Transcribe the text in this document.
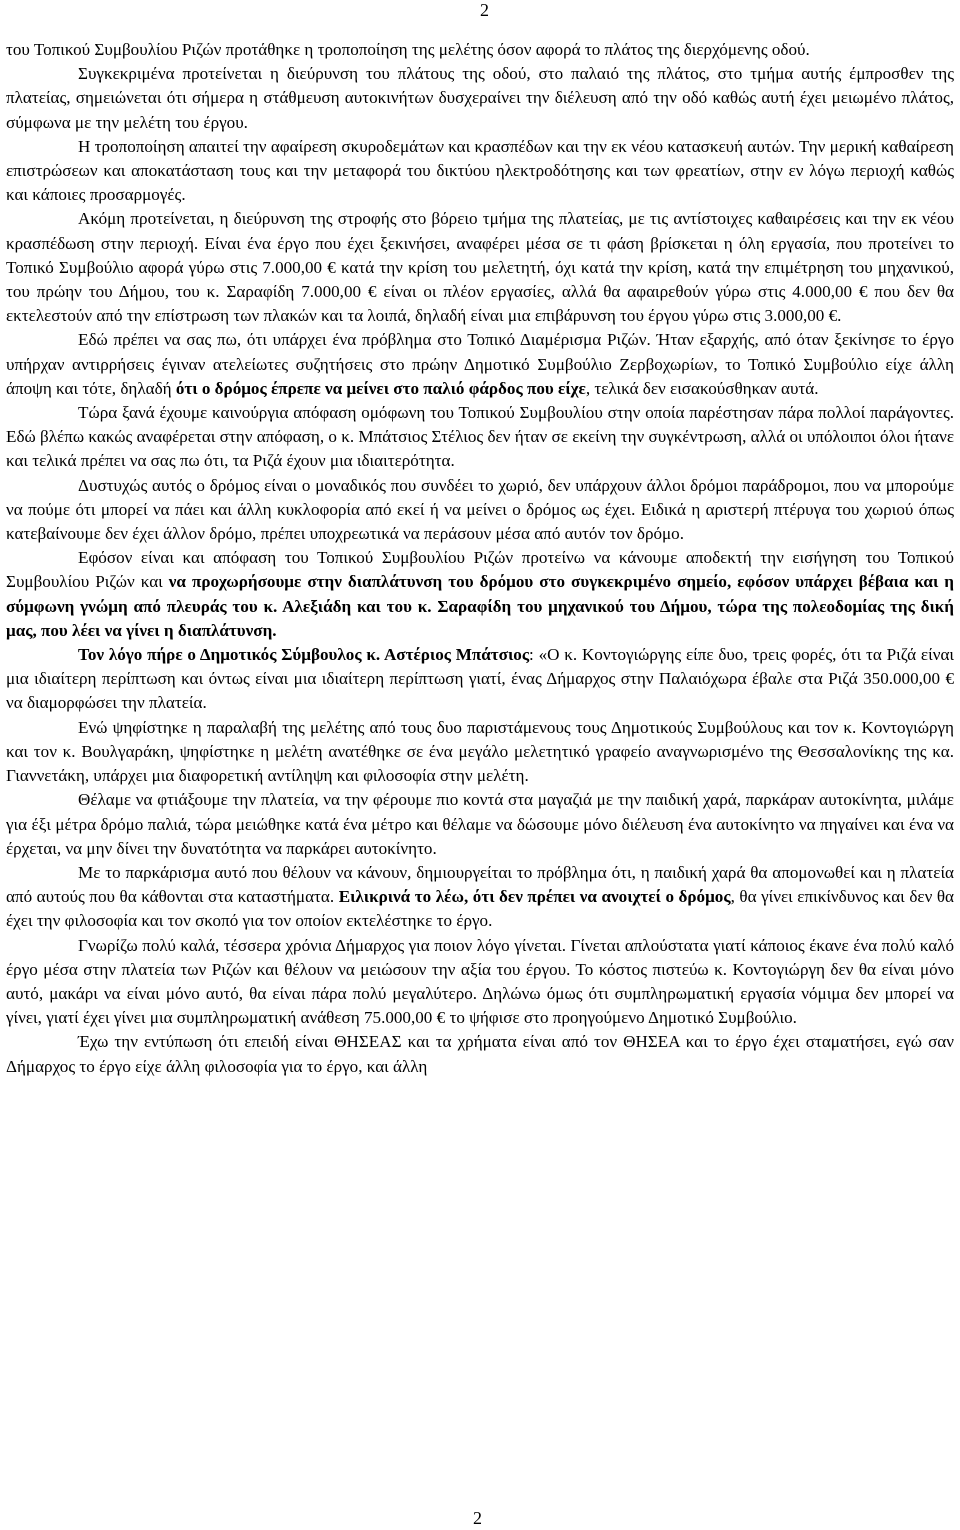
2

του Τοπικού Συμβουλίου Ριζών προτάθηκε η τροποποίηση της μελέτης όσον αφορά το πλάτος της διερχόμενης οδού.

Συγκεκριμένα προτείνεται η διεύρυνση του πλάτους της οδού, στο παλαιό της πλάτος, στο τμήμα αυτής έμπροσθεν της πλατείας, σημειώνεται ότι σήμερα η στάθμευση αυτοκινήτων δυσχεραίνει την διέλευση από την οδό καθώς αυτή έχει μειωμένο πλάτος, σύμφωνα με την μελέτη του έργου.

Η τροποποίηση απαιτεί την αφαίρεση σκυροδεμάτων και κρασπέδων και την εκ νέου κατασκευή αυτών. Την μερική καθαίρεση επιστρώσεων και αποκατάσταση τους και την μεταφορά του δικτύου ηλεκτροδότησης και των φρεατίων, στην εν λόγω περιοχή καθώς και κάποιες προσαρμογές.

Ακόμη προτείνεται, η διεύρυνση της στροφής στο βόρειο τμήμα της πλατείας, με τις αντίστοιχες καθαιρέσεις και την εκ νέου κρασπέδωση στην περιοχή. Είναι ένα έργο που έχει ξεκινήσει, αναφέρει μέσα σε τι φάση βρίσκεται η όλη εργασία, που προτείνει το Τοπικό Συμβούλιο αφορά γύρω στις 7.000,00 € κατά την κρίση του μελετητή, όχι κατά την κρίση, κατά την επιμέτρηση του μηχανικού, του πρώην του Δήμου, του κ. Σαραφίδη 7.000,00 € είναι οι πλέον εργασίες, αλλά θα αφαιρεθούν γύρω στις 4.000,00 € που δεν θα εκτελεστούν από την επίστρωση των πλακών και τα λοιπά, δηλαδή είναι μια επιβάρυνση του έργου γύρω στις 3.000,00 €.

Εδώ πρέπει να σας πω, ότι υπάρχει ένα πρόβλημα στο Τοπικό Διαμέρισμα Ριζών. Ήταν εξαρχής, από όταν ξεκίνησε το έργο υπήρχαν αντιρρήσεις έγιναν ατελείωτες συζητήσεις στο πρώην Δημοτικό Συμβούλιο Ζερβοχωρίων, το Τοπικό Συμβούλιο είχε άλλη άποψη και τότε, δηλαδή ότι ο δρόμος έπρεπε να μείνει στο παλιό φάρδος που είχε, τελικά δεν εισακούσθηκαν αυτά.

Τώρα ξανά έχουμε καινούργια απόφαση ομόφωνη του Τοπικού Συμβουλίου στην οποία παρέστησαν πάρα πολλοί παράγοντες. Εδώ βλέπω κακώς αναφέρεται στην απόφαση, ο κ. Μπάτσιος Στέλιος δεν ήταν σε εκείνη την συγκέντρωση, αλλά οι υπόλοιποι όλοι ήτανε και τελικά πρέπει να σας πω ότι, τα Ριζά έχουν μια ιδιαιτερότητα.

Δυστυχώς αυτός ο δρόμος είναι ο μοναδικός που συνδέει το χωριό, δεν υπάρχουν άλλοι δρόμοι παράδρομοι, που να μπορούμε να πούμε ότι μπορεί να πάει και άλλη κυκλοφορία από εκεί ή να μείνει ο δρόμος ως έχει. Ειδικά η αριστερή πτέρυγα του χωριού όπως κατεβαίνουμε δεν έχει άλλον δρόμο, πρέπει υποχρεωτικά να περάσουν μέσα από αυτόν τον δρόμο.

Εφόσον είναι και απόφαση του Τοπικού Συμβουλίου Ριζών προτείνω να κάνουμε αποδεκτή την εισήγηση του Τοπικού Συμβουλίου Ριζών και να προχωρήσουμε στην διαπλάτυνση του δρόμου στο συγκεκριμένο σημείο, εφόσον υπάρχει βέβαια και η σύμφωνη γνώμη από πλευράς του κ. Αλεξιάδη και του κ. Σαραφίδη του μηχανικού του Δήμου, τώρα της πολεοδομίας της δική μας, που λέει να γίνει η διαπλάτυνση.

Τον λόγο πήρε ο Δημοτικός Σύμβουλος κ. Αστέριος Μπάτσιος: «Ο κ. Κοντογιώργης είπε δυο, τρεις φορές, ότι τα Ριζά είναι μια ιδιαίτερη περίπτωση και όντως είναι μια ιδιαίτερη περίπτωση γιατί, ένας Δήμαρχος στην Παλαιόχωρα έβαλε στα Ριζά 350.000,00 € να διαμορφώσει την πλατεία.

Ενώ ψηφίστηκε η παραλαβή της μελέτης από τους δυο παριστάμενους τους Δημοτικούς Συμβούλους και τον κ. Κοντογιώργη και τον κ. Βουλγαράκη, ψηφίστηκε η μελέτη ανατέθηκε σε ένα μεγάλο μελετητικό γραφείο αναγνωρισμένο της Θεσσαλονίκης της κα. Γιαννετάκη, υπάρχει μια διαφορετική αντίληψη και φιλοσοφία στην μελέτη.

Θέλαμε να φτιάξουμε την πλατεία, να την φέρουμε πιο κοντά στα μαγαζιά με την παιδική χαρά, παρκάραν αυτοκίνητα, μιλάμε για έξι μέτρα δρόμο παλιά, τώρα μειώθηκε κατά ένα μέτρο και θέλαμε να δώσουμε μόνο διέλευση ένα αυτοκίνητο να πηγαίνει και ένα να έρχεται, να μην δίνει την δυνατότητα να παρκάρει αυτοκίνητο.

Με το παρκάρισμα αυτό που θέλουν να κάνουν, δημιουργείται το πρόβλημα ότι, η παιδική χαρά θα απομονωθεί και η πλατεία από αυτούς που θα κάθονται στα καταστήματα. Ειλικρινά το λέω, ότι δεν πρέπει να ανοιχτεί ο δρόμος, θα γίνει επικίνδυνος και δεν θα έχει την φιλοσοφία και τον σκοπό για τον οποίον εκτελέστηκε το έργο.

Γνωρίζω πολύ καλά, τέσσερα χρόνια Δήμαρχος για ποιον λόγο γίνεται. Γίνεται απλούστατα γιατί κάποιος έκανε ένα πολύ καλό έργο μέσα στην πλατεία των Ριζών και θέλουν να μειώσουν την αξία του έργου. Το κόστος πιστεύω κ. Κοντογιώργη δεν θα είναι μόνο αυτό, μακάρι να είναι μόνο αυτό, θα είναι πάρα πολύ μεγαλύτερο. Δηλώνω όμως ότι συμπληρωματική εργασία νόμιμα δεν μπορεί να γίνει, γιατί έχει γίνει μια συμπληρωματική ανάθεση 75.000,00 € το ψήφισε στο προηγούμενο Δημοτικό Συμβούλιο.

Έχω την εντύπωση ότι επειδή είναι ΘΗΣΕΑΣ και τα χρήματα είναι από τον ΘΗΣΕΑ και το έργο έχει σταματήσει, εγώ σαν Δήμαρχος το έργο είχε άλλη φιλοσοφία για το έργο, και άλλη

2
